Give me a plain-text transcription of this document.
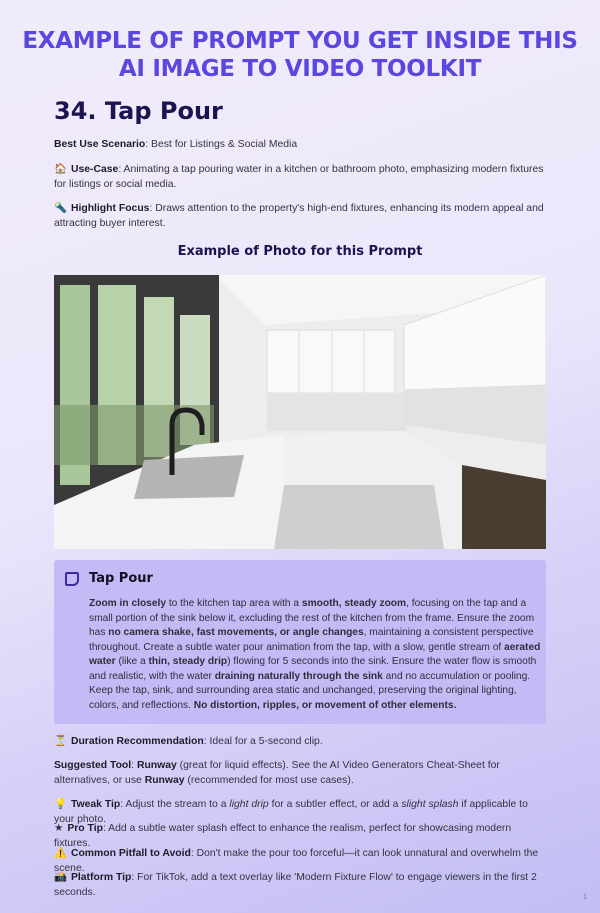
EXAMPLE OF PROMPT YOU GET INSIDE THIS
AI IMAGE TO VIDEO TOOLKIT
34. Tap Pour
Best Use Scenario: Best for Listings & Social Media
🏠 Use-Case: Animating a tap pouring water in a kitchen or bathroom photo, emphasizing modern fixtures for listings or social media.
🔦 Highlight Focus: Draws attention to the property's high-end fixtures, enhancing its modern appeal and attracting buyer interest.
Example of Photo for this Prompt
Tap Pour
Zoom in closely to the kitchen tap area with a smooth, steady zoom, focusing on the tap and a small portion of the sink below it, excluding the rest of the kitchen from the frame. Ensure the zoom has no camera shake, fast movements, or angle changes, maintaining a consistent perspective throughout. Create a subtle water pour animation from the tap, with a slow, gentle stream of aerated water (like a thin, steady drip) flowing for 5 seconds into the sink. Ensure the water flow is smooth and realistic, with the water draining naturally through the sink and no accumulation or pooling. Keep the tap, sink, and surrounding area static and unchanged, preserving the original lighting, colors, and reflections. No distortion, ripples, or movement of other elements.
⏳ Duration Recommendation: Ideal for a 5-second clip.
Suggested Tool: Runway (great for liquid effects). See the AI Video Generators Cheat-Sheet for alternatives, or use Runway (recommended for most use cases).
💡 Tweak Tip: Adjust the stream to a light drip for a subtler effect, or add a slight splash if applicable to your photo.
★ Pro Tip: Add a subtle water splash effect to enhance the realism, perfect for showcasing modern fixtures.
⚠️ Common Pitfall to Avoid: Don't make the pour too forceful—it can look unnatural and overwhelm the scene.
📸 Platform Tip: For TikTok, add a text overlay like 'Modern Fixture Flow' to engage viewers in the first 2 seconds.	1
